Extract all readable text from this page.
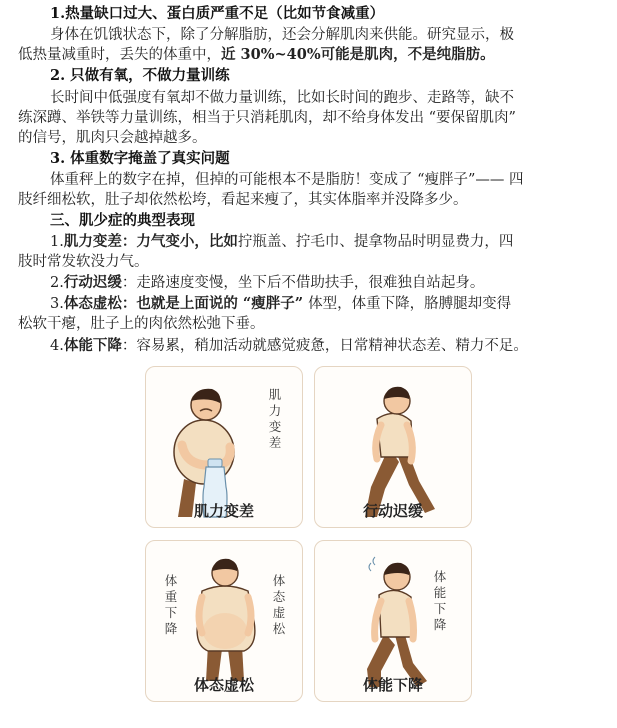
1.热量缺口过大、蛋白质严重不足（比如节食减重）
身体在饥饿状态下，除了分解脂肪，还会分解肌肉来供能。研究显示，极
低热量减重时，丢失的体重中，近 30%~40%可能是肌肉，不是纯脂肪。
2. 只做有氧，不做力量训练
长时间中低强度有氧却不做力量训练，比如长时间的跑步、走路等，缺不
练深蹲、举铁等力量训练，相当于只消耗肌肉，却不给身体发出 “要保留肌肉”
的信号，肌肉只会越掉越多。
3. 体重数字掩盖了真实问题
体重秤上的数字在掉，但掉的可能根本不是脂肪！变成了 “瘦胖子”—— 四
肢纤细松软，肚子却依然松垮，看起来瘦了，其实体脂率并没降多少。
三、肌少症的典型表现
1.肌力变差：力气变小，比如拧瓶盖、拧毛巾、提拿物品时明显费力，四
肢时常发软没力气。
2.行动迟缓：走路速度变慢，坐下后不借助扶手，很难独自站起身。
3.体态虚松：也就是上面说的 “瘦胖子” 体型，体重下降，胳膊腿却变得
松软干瘪，肚子上的肉依然松弛下垂。
4.体能下降：容易累，稍加活动就感觉疲惫，日常精神状态差、精力不足。
肌力变差
肌力变差	行动迟缓
体重下降
体态虚松
体态虚松
体能下降
体能下降
